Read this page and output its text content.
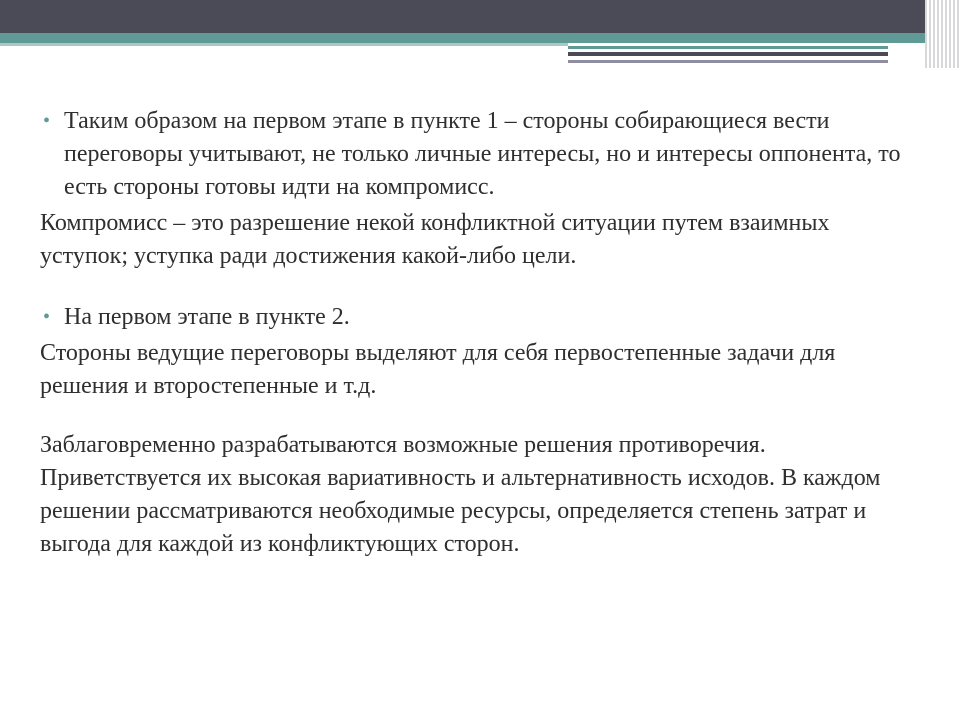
• Таким образом на первом этапе в пункте 1 – стороны собирающиеся вести переговоры учитывают, не только личные интересы, но и интересы оппонента, то есть стороны готовы идти на компромисс.

Компромисс – это разрешение некой конфликтной ситуации путем взаимных уступок; уступка ради достижения какой-либо цели.

• На первом этапе в пункте 2.

Стороны ведущие переговоры выделяют для себя первостепенные задачи для решения и второстепенные и т.д.

Заблаговременно разрабатываются возможные решения противоречия. Приветствуется их высокая вариативность и альтернативность исходов. В каждом решении рассматриваются необходимые ресурсы, определяется степень затрат и выгода для каждой из конфликтующих сторон.
